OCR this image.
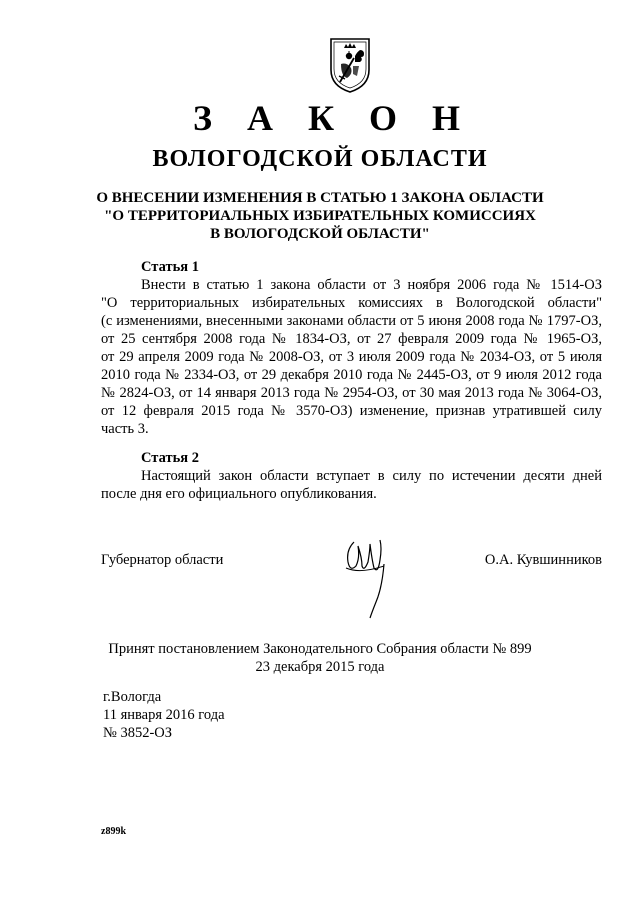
З А К О Н
ВОЛОГОДСКОЙ ОБЛАСТИ
О ВНЕСЕНИИ ИЗМЕНЕНИЯ В СТАТЬЮ 1 ЗАКОНА ОБЛАСТИ
"О ТЕРРИТОРИАЛЬНЫХ ИЗБИРАТЕЛЬНЫХ КОМИССИЯХ
В ВОЛОГОДСКОЙ ОБЛАСТИ"
Статья 1
Внести в статью 1 закона области от 3 ноября 2006 года № 1514-ОЗ
"О территориальных избирательных комиссиях в Вологодской области"
(с изменениями, внесенными законами области от 5 июня 2008 года № 1797-ОЗ,
от 25 сентября 2008 года № 1834-ОЗ, от 27 февраля 2009 года № 1965-ОЗ,
от 29 апреля 2009 года № 2008-ОЗ, от 3 июля 2009 года № 2034-ОЗ, от 5 июля
2010 года № 2334-ОЗ, от 29 декабря 2010 года № 2445-ОЗ, от 9 июля 2012 года
№ 2824-ОЗ, от 14 января 2013 года № 2954-ОЗ, от 30 мая 2013 года № 3064-ОЗ,
от 12 февраля 2015 года № 3570-ОЗ) изменение, признав утратившей силу
часть 3.
Статья 2
Настоящий закон области вступает в силу по истечении десяти дней
после дня его официального опубликования.
Губернатор области	О.А. Кувшинников
Принят постановлением Законодательного Собрания области № 899
23 декабря 2015 года
г.Вологда
11 января 2016 года
№ 3852-ОЗ
z899k
